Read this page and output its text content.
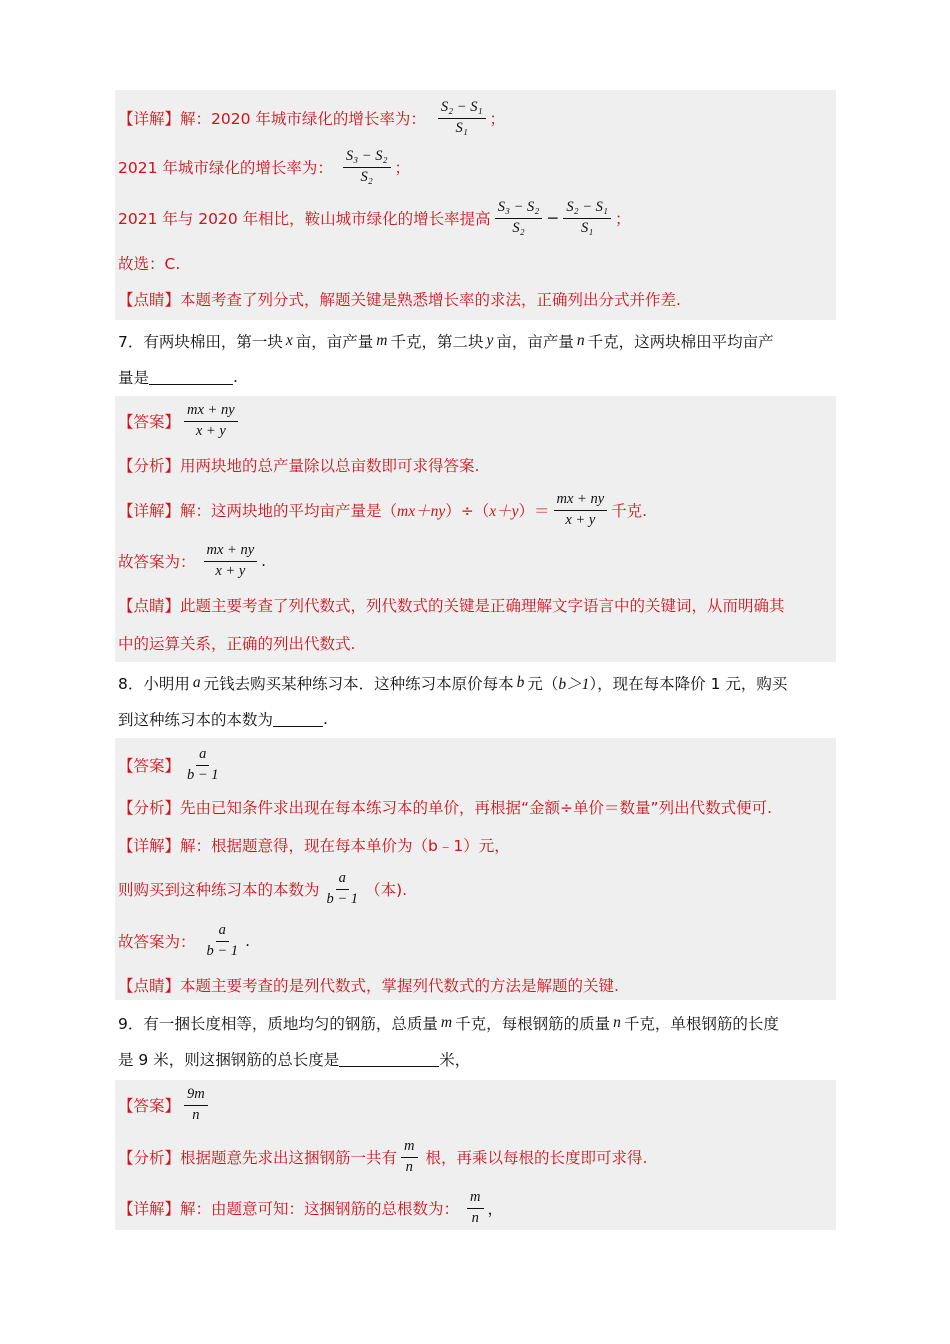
【详解】 解：2020 年城市绿化的增长率为： $\frac{\text{S₂ − S₁}}{\text{S₁}}$ ；
2021 年城市绿化的增长率为： $\frac{\text{S₃ − S₂}}{\text{S₂}}$ ；
2021 年与 2020 年相比，鞍山城市绿化的增长率提高 $\frac{\text{S₃ − S₂}}{\text{S₂}} - \frac{\text{S₂ − S₁}}{\text{S₁}}$ ；
故选：C.
【点睛】 本题考查了列分式，解题关键是熟悉增长率的求法，正确列出分式并作差.
7．有两块棉田，第一块 x 亩，亩产量 m 千克，第二块 y 亩，亩产量 n 千克，这两块棉田平均亩产
量是	.
【答案】 $\frac{mx + ny}{x + y}$
【分析】 用两块地的总产量除以总亩数即可求得答案.
【详解】 解：这两块地的平均亩产量是（ mx＋ny ）÷（ x＋y ）＝ $\frac{mx + ny}{x + y}$ 千克.
故答案为： $\frac{mx + ny}{x + y}$ .
【点睛】 此题主要考查了列代数式，列代数式的关键是正确理解文字语言中的关键词，从而明确其
中的运算关系，正确的列出代数式.
8．小明用 a 元钱去购买某种练习本．这种练习本原价每本 b 元（ b＞1 ），现在每本降价 1 元，购买
到这种练习本的本数为	.
【答案】 $\frac{a}{b - 1}$
【分析】 先由已知条件求出现在每本练习本的单价，再根据“金额÷单价＝数量”列出代数式便可.
【详解】 解：根据题意得，现在每本单价为（b﹣1）元，
则购买到这种练习本的本数为 $\frac{a}{b - 1}$ （本).
故答案为： $\frac{a}{b - 1}$ .
【点睛】 本题主要考查的是列代数式，掌握列代数式的方法是解题的关键.
9．有一捆长度相等，质地均匀的钢筋，总质量 m 千克，每根钢筋的质量 n 千克，单根钢筋的长度
是 9 米，则这捆钢筋的总长度是	米，
【答案】 $\frac{9m}{n}$
【分析】 根据题意先求出这捆钢筋一共有 $\frac{m}{n}$ 根，再乘以每根的长度即可求得.
【详解】 解：由题意可知：这捆钢筋的总根数为： $\frac{m}{n}$ ，
